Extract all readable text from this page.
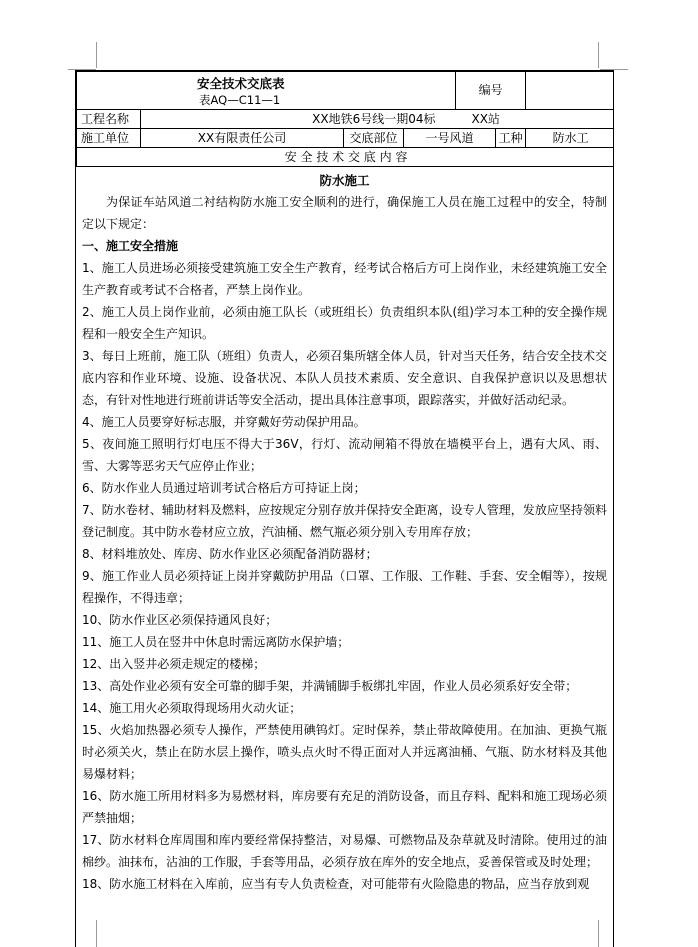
安全技术交底表
表AQ—C11—1				编号		
工程名称	XX地铁6号线一期04标　　　XX站					
施工单位	XX有限责任公司	交底部位	一号风道		工种	防水工
安 全 技 术 交 底 内 容						
防水施工

为保证车站风道二衬结构防水施工安全顺利的进行，确保施工人员在施工过程中的安全，特制定以下规定：

一、施工安全措施

1、施工人员进场必须接受建筑施工安全生产教育，经考试合格后方可上岗作业，未经建筑施工安全生产教育或考试不合格者，严禁上岗作业。

2、施工人员上岗作业前，必须由施工队长（或班组长）负责组织本队(组)学习本工种的安全操作规程和一般安全生产知识。

3、每日上班前，施工队（班组）负责人，必须召集所辖全体人员，针对当天任务，结合安全技术交底内容和作业环境、设施、设备状况、本队人员技术素质、安全意识、自我保护意识以及思想状态，有针对性地进行班前讲话等安全活动，提出具体注意事项，跟踪落实，并做好活动纪录。

4、施工人员要穿好标志服，并穿戴好劳动保护用品。

5、夜间施工照明行灯电压不得大于36V，行灯、流动闸箱不得放在墙模平台上，遇有大风、雨、雪、大雾等恶劣天气应停止作业；

6、防水作业人员通过培训考试合格后方可持证上岗；

7、防水卷材、辅助材料及燃料，应按规定分别存放并保持安全距离，设专人管理，发放应坚持领料登记制度。其中防水卷材应立放，汽油桶、燃气瓶必须分别入专用库存放；

8、材料堆放处、库房、防水作业区必须配备消防器材；

9、施工作业人员必须持证上岗并穿戴防护用品（口罩、工作服、工作鞋、手套、安全帽等），按规程操作，不得违章；

10、防水作业区必须保持通风良好；

11、施工人员在竖井中休息时需远离防水保护墙；

12、出入竖井必须走规定的楼梯；

13、高处作业必须有安全可靠的脚手架，并满铺脚手板绑扎牢固，作业人员必须系好安全带；

14、施工用火必须取得现场用火动火证；

15、火焰加热器必须专人操作，严禁使用碘钨灯。定时保养，禁止带故障使用。在加油、更换气瓶时必须关火，禁止在防水层上操作，喷头点火时不得正面对人并远离油桶、气瓶、防水材料及其他易爆材料；

16、防水施工所用材料多为易燃材料，库房要有充足的消防设备，而且存料、配料和施工现场必须严禁抽烟；

17、防水材料仓库周围和库内要经常保持整洁，对易爆、可燃物品及杂草就及时清除。使用过的油棉纱。油抹布，沾油的工作服，手套等用品，必须存放在库外的安全地点，妥善保管或及时处理；

18、防水施工材料在入库前，应当有专人负责检查，对可能带有火险隐患的物品，应当存放到观
